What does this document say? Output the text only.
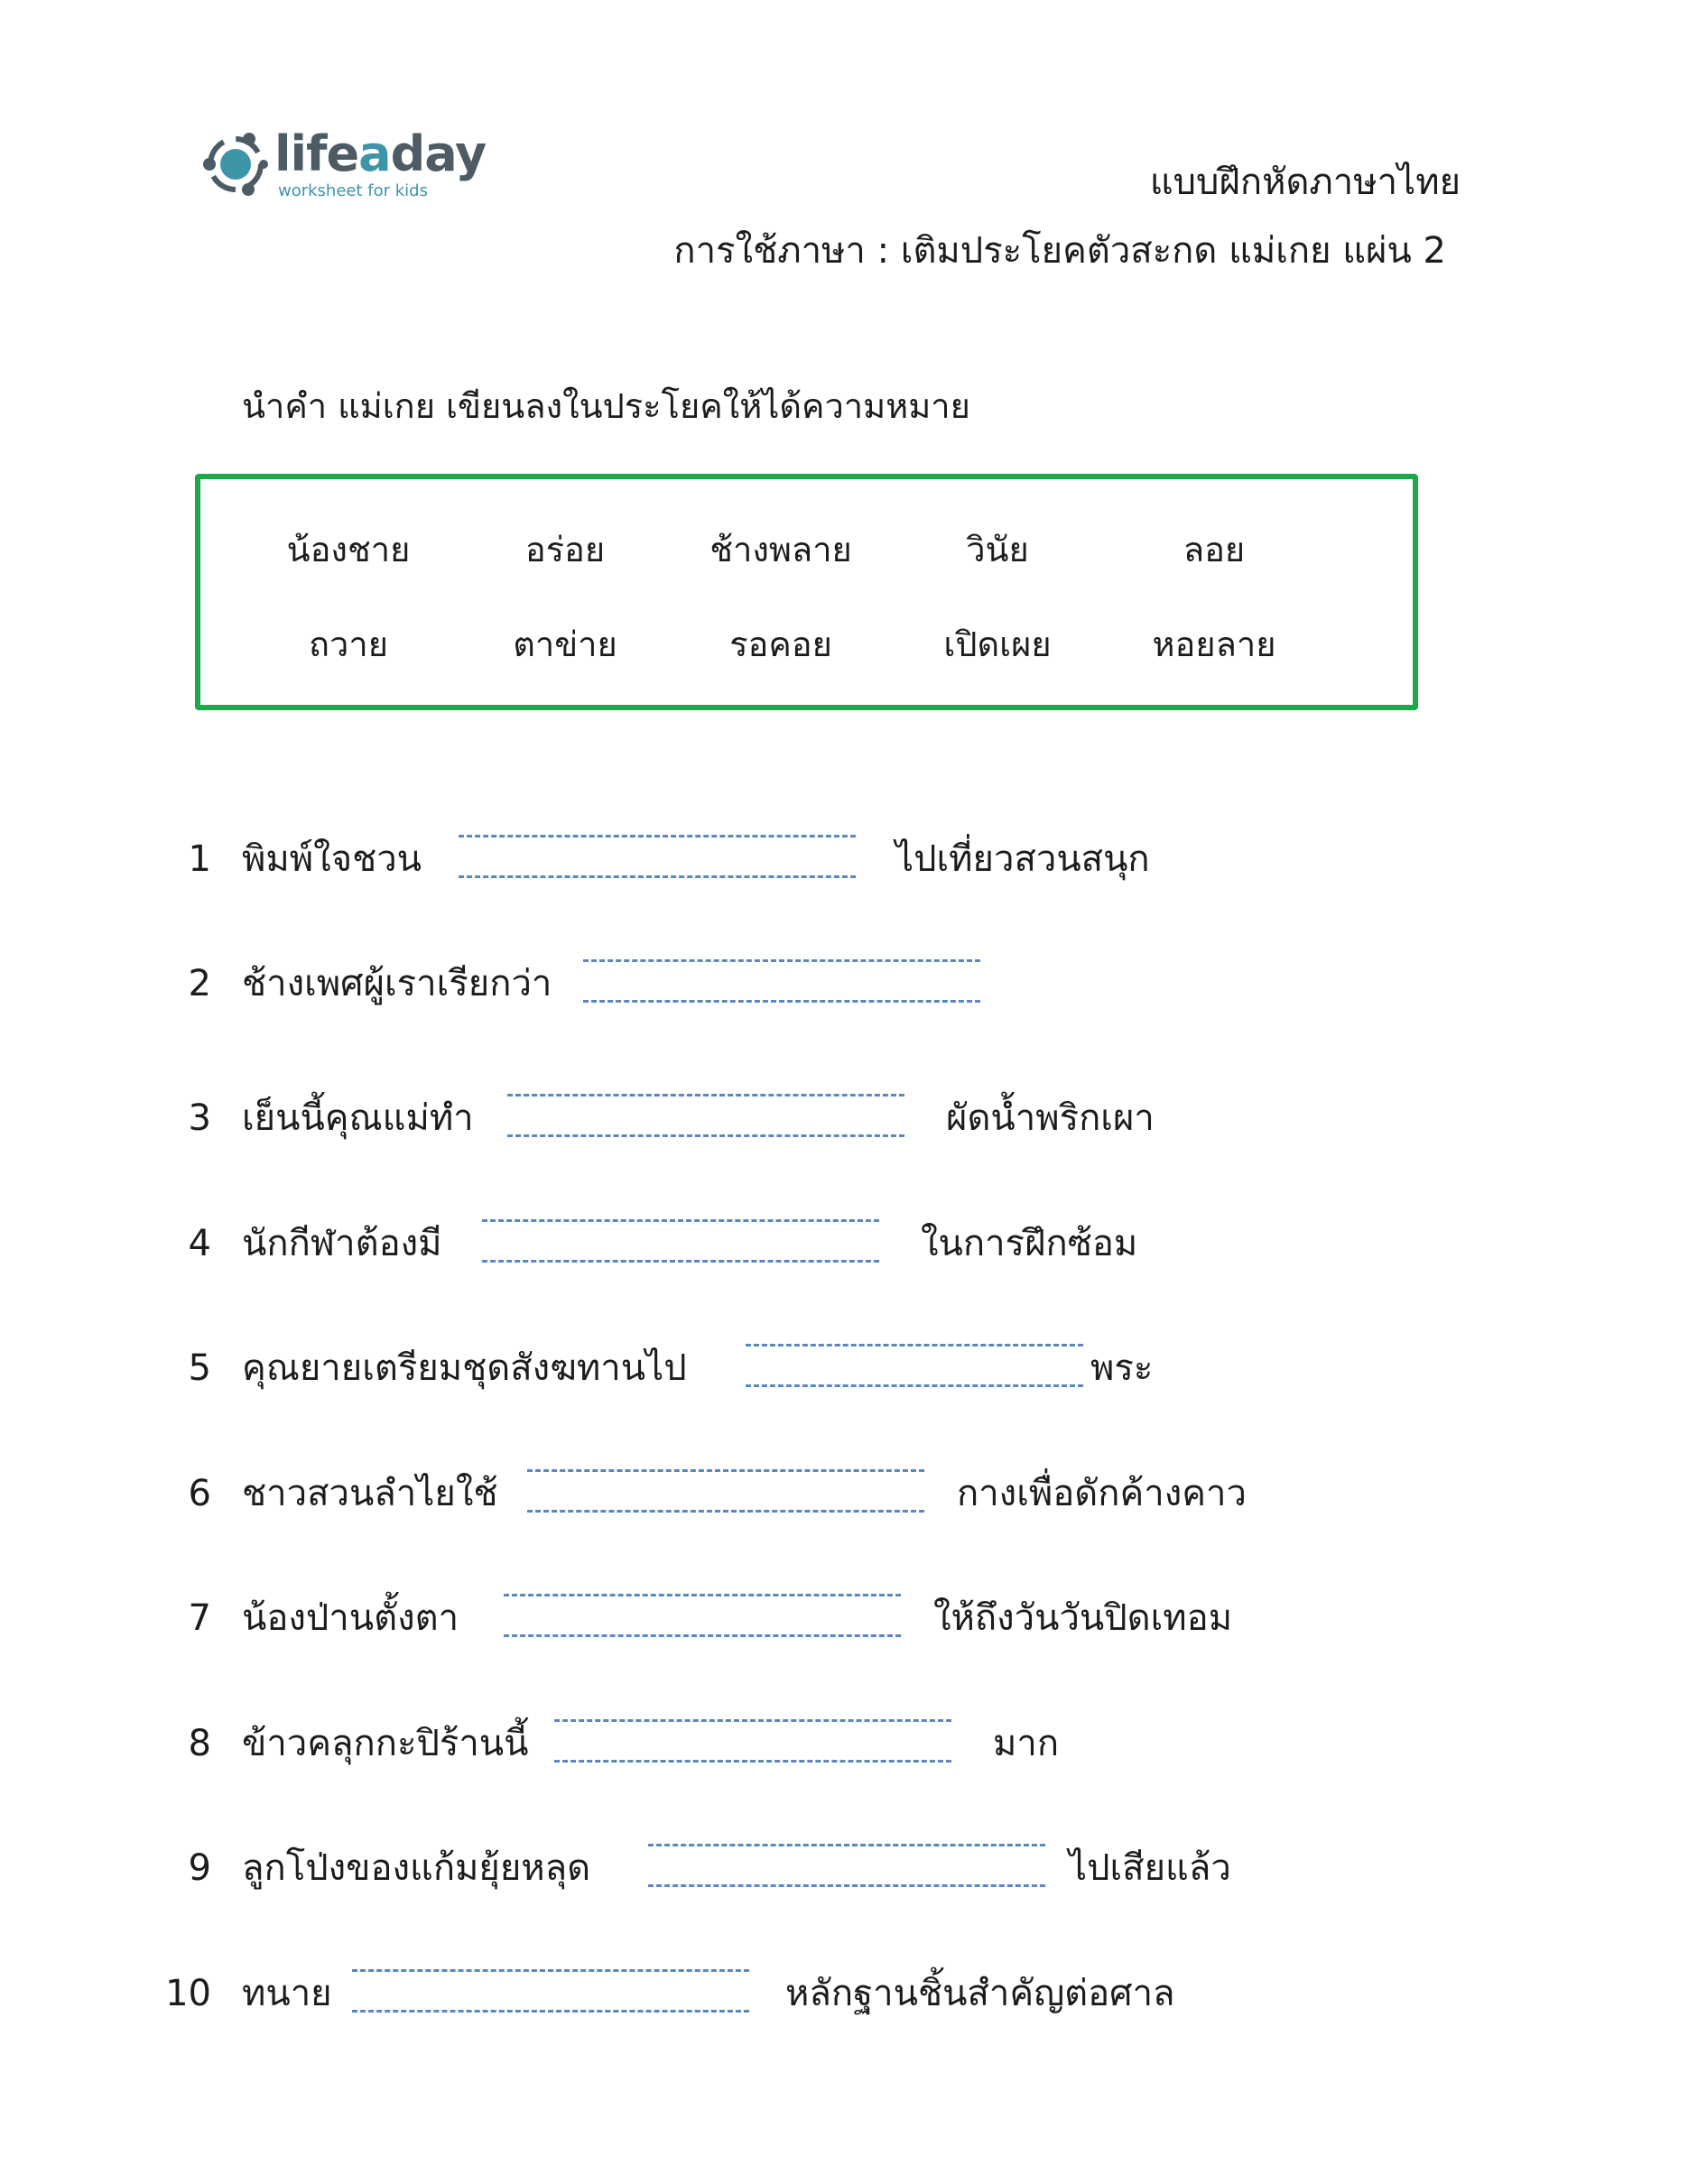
lifeaday
worksheet for kids	แบบฝึกหัดภาษาไทย
การใช้ภาษา : เติมประโยคตัวสะกด แม่เกย แผ่น 2
นำคำ แม่เกย เขียนลงในประโยคให้ได้ความหมาย
น้องชาย	อร่อย	ช้างพลาย	วินัย	ลอย
ถวาย	ตาข่าย	รอคอย	เปิดเผย	หอยลาย
1 พิมพ์ใจชวน	ไปเที่ยวสวนสนุก
2 ช้างเพศผู้เราเรียกว่า
3 เย็นนี้คุณแม่ทำ	ผัดน้ำพริกเผา
4 นักกีฬาต้องมี	ในการฝึกซ้อม
5 คุณยายเตรียมชุดสังฆทานไป	พระ
6 ชาวสวนลำไยใช้	กางเพื่อดักค้างคาว
7 น้องป่านตั้งตา	ให้ถึงวันวันปิดเทอม
8 ข้าวคลุกกะปิร้านนี้	มาก
9 ลูกโป่งของแก้มยุ้ยหลุด	ไปเสียแล้ว
10 ทนาย	หลักฐานชิ้นสำคัญต่อศาล
